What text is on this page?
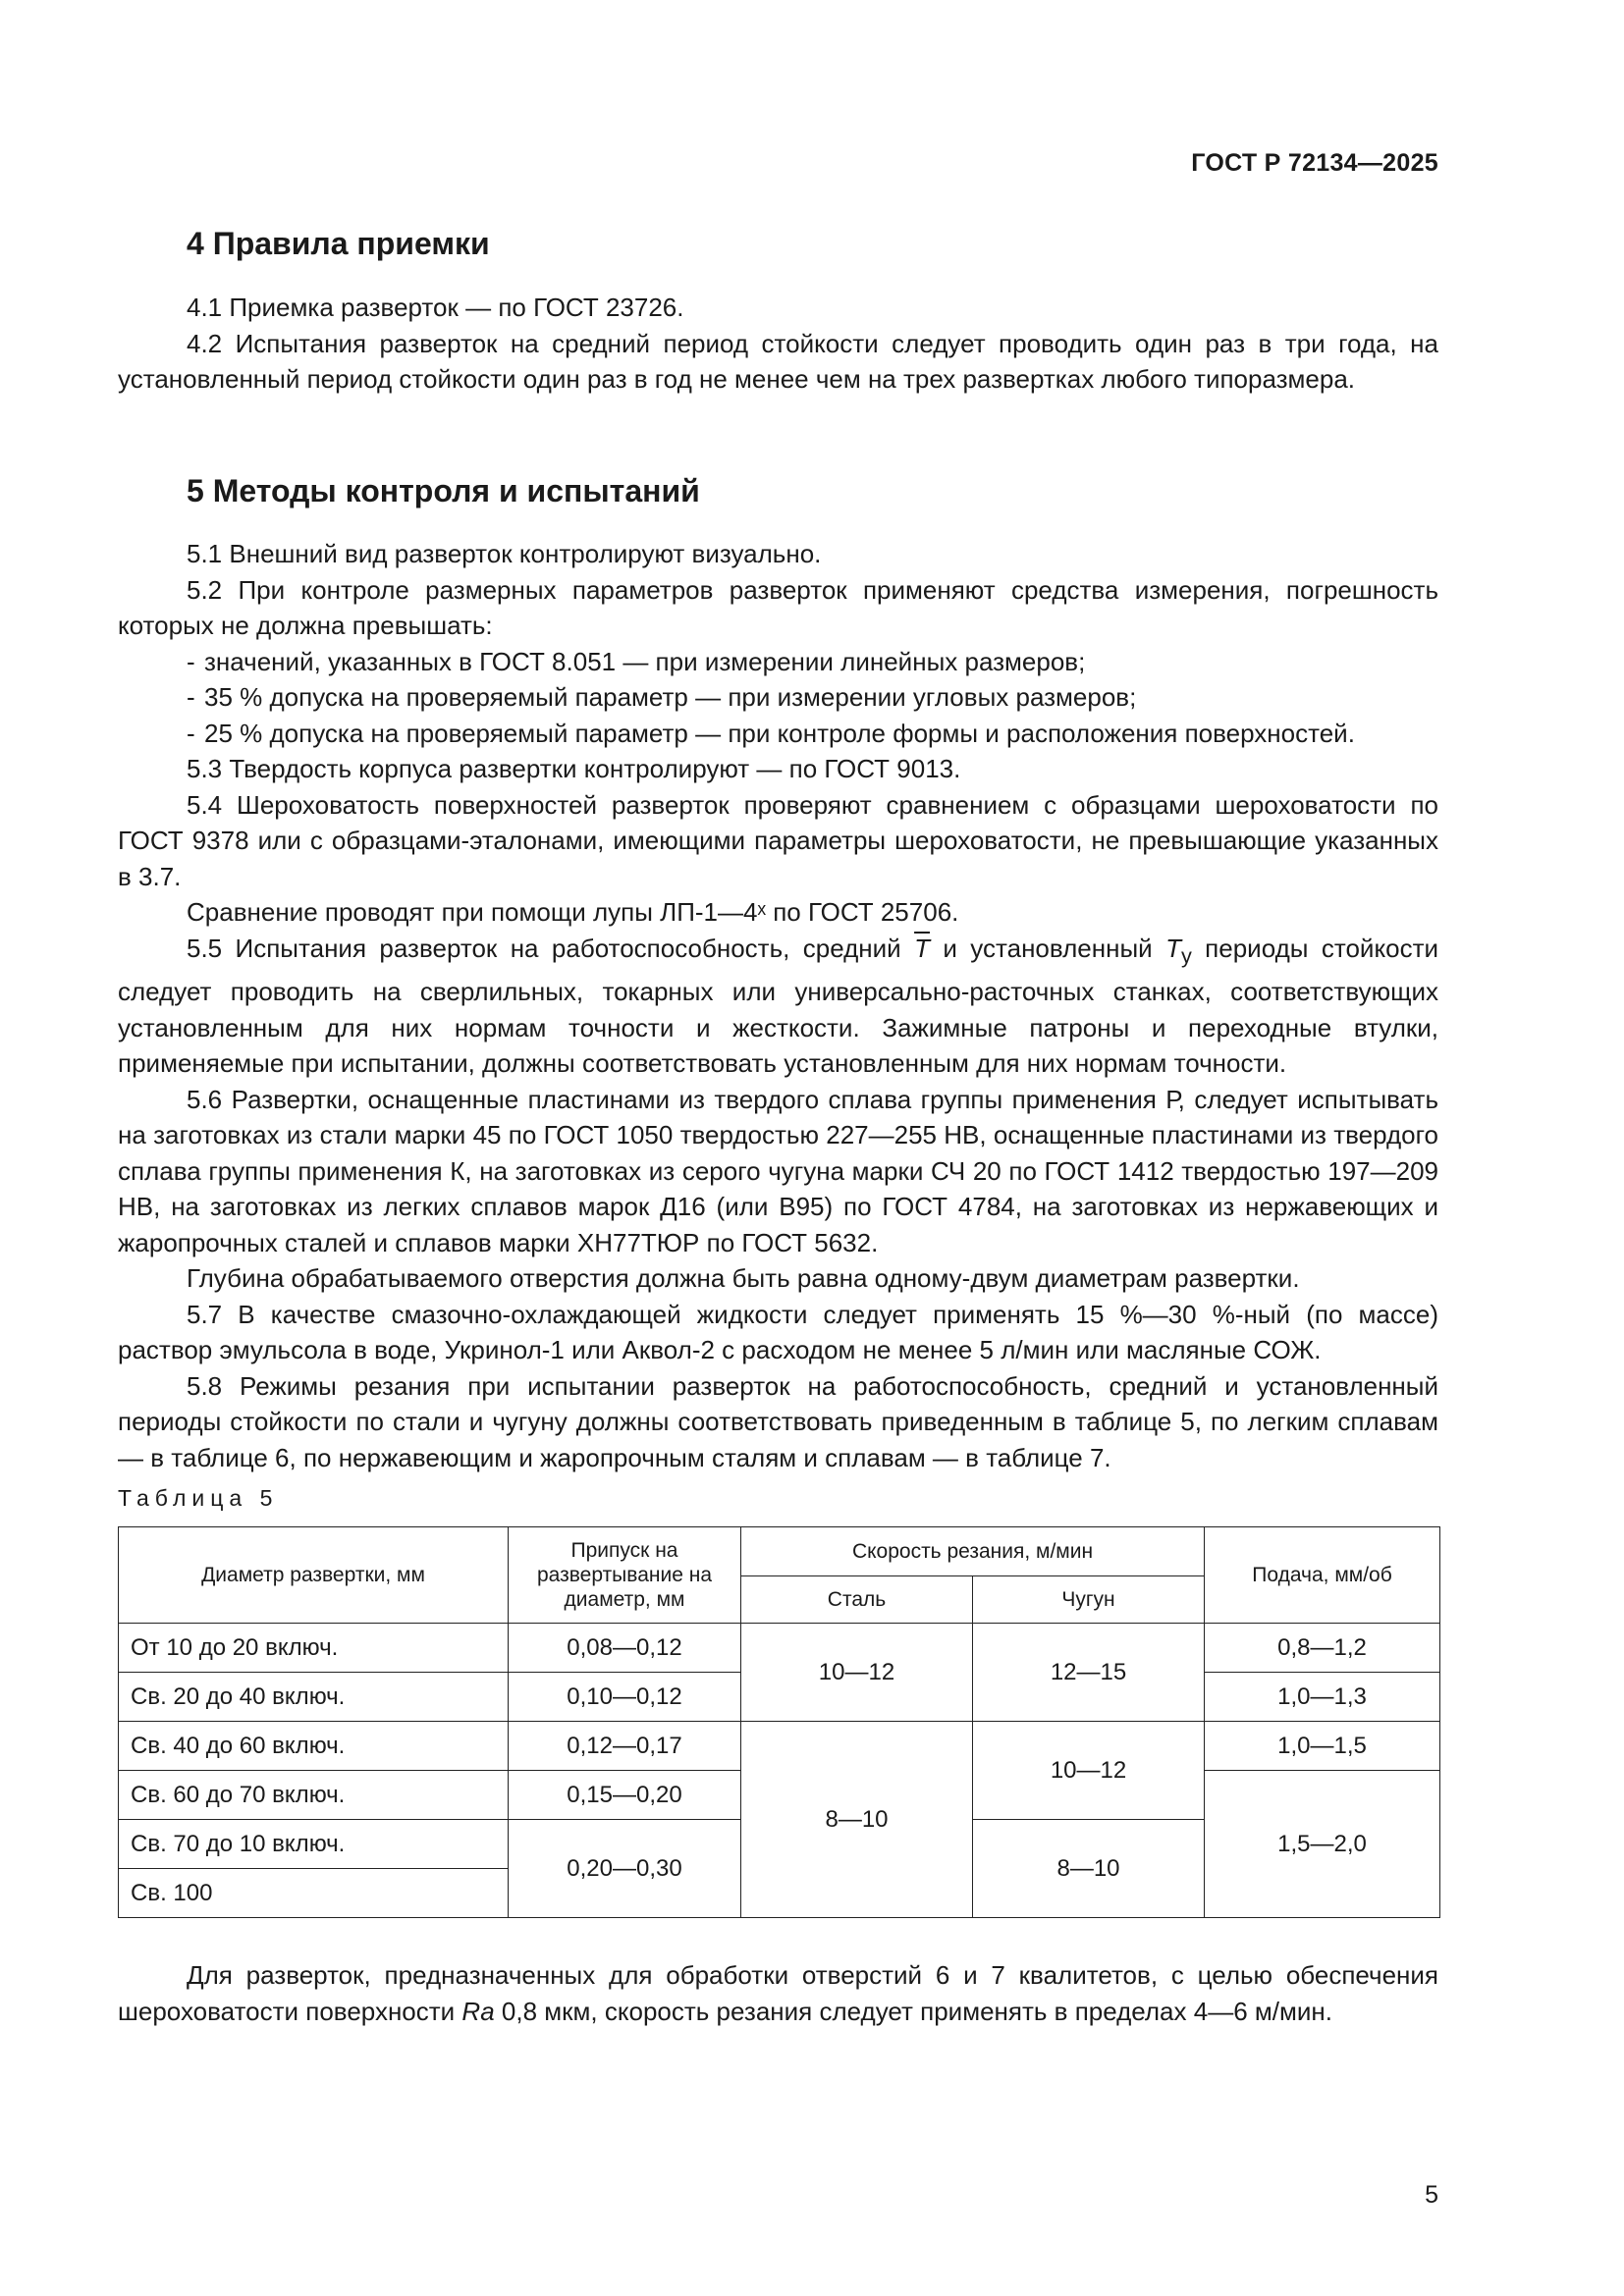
ГОСТ Р 72134—2025
4 Правила приемки

4.1 Приемка разверток — по ГОСТ 23726.

4.2 Испытания разверток на средний период стойкости следует проводить один раз в три года, на установленный период стойкости один раз в год не менее чем на трех развертках любого типоразмера.

5 Методы контроля и испытаний

5.1 Внешний вид разверток контролируют визуально.

5.2 При контроле размерных параметров разверток применяют средства измерения, погрешность которых не должна превышать:

- значений, указанных в ГОСТ 8.051 — при измерении линейных размеров;

- 35 % допуска на проверяемый параметр — при измерении угловых размеров;

- 25 % допуска на проверяемый параметр — при контроле формы и расположения поверхностей.

5.3 Твердость корпуса развертки контролируют — по ГОСТ 9013.

5.4 Шероховатость поверхностей разверток проверяют сравнением с образцами шероховатости по ГОСТ 9378 или с образцами-эталонами, имеющими параметры шероховатости, не превышающие указанных в 3.7.

Сравнение проводят при помощи лупы ЛП-1—4ˣ по ГОСТ 25706.

5.5 Испытания разверток на работоспособность, средний $\overline{T}$ и установленный $T_у$ периоды стойкости следует проводить на сверлильных, токарных или универсально-расточных станках, соответствующих установленным для них нормам точности и жесткости. Зажимные патроны и переходные втулки, применяемые при испытании, должны соответствовать установленным для них нормам точности.

5.6 Развертки, оснащенные пластинами из твердого сплава группы применения Р, следует испытывать на заготовках из стали марки 45 по ГОСТ 1050 твердостью 227—255 НВ, оснащенные пластинами из твердого сплава группы применения К, на заготовках из серого чугуна марки СЧ 20 по ГОСТ 1412 твердостью 197—209 НВ, на заготовках из легких сплавов марок Д16 (или В95) по ГОСТ 4784, на заготовках из нержавеющих и жаропрочных сталей и сплавов марки ХН77ТЮР по ГОСТ 5632.

Глубина обрабатываемого отверстия должна быть равна одному-двум диаметрам развертки.

5.7 В качестве смазочно-охлаждающей жидкости следует применять 15 %—30 %-ный (по массе) раствор эмульсола в воде, Укринол-1 или Аквол-2 с расходом не менее 5 л/мин или масляные СОЖ.

5.8 Режимы резания при испытании разверток на работоспособность, средний и установленный периоды стойкости по стали и чугуну должны соответствовать приведенным в таблице 5, по легким сплавам — в таблице 6, по нержавеющим и жаропрочным сталям и сплавам — в таблице 7.

Таблица 5
Диаметр развертки, мм	Припуск на развертывание на диаметр, мм	Скорость резания, м/мин		Подача, мм/об
		Сталь	Чугун	
От 10 до 20 включ.	0,08—0,12	10—12	12—15	0,8—1,2
Св. 20 до 40 включ.	0,10—0,12			1,0—1,3
Св. 40 до 60 включ.	0,12—0,17	8—10	10—12	1,0—1,5
Св. 60 до 70 включ.	0,15—0,20			1,5—2,0
Св. 70 до 10 включ.	0,20—0,30		8—10	
Св. 100				

Для разверток, предназначенных для обработки отверстий 6 и 7 квалитетов, с целью обеспечения шероховатости поверхности Ra 0,8 мкм, скорость резания следует применять в пределах 4—6 м/мин.

5
